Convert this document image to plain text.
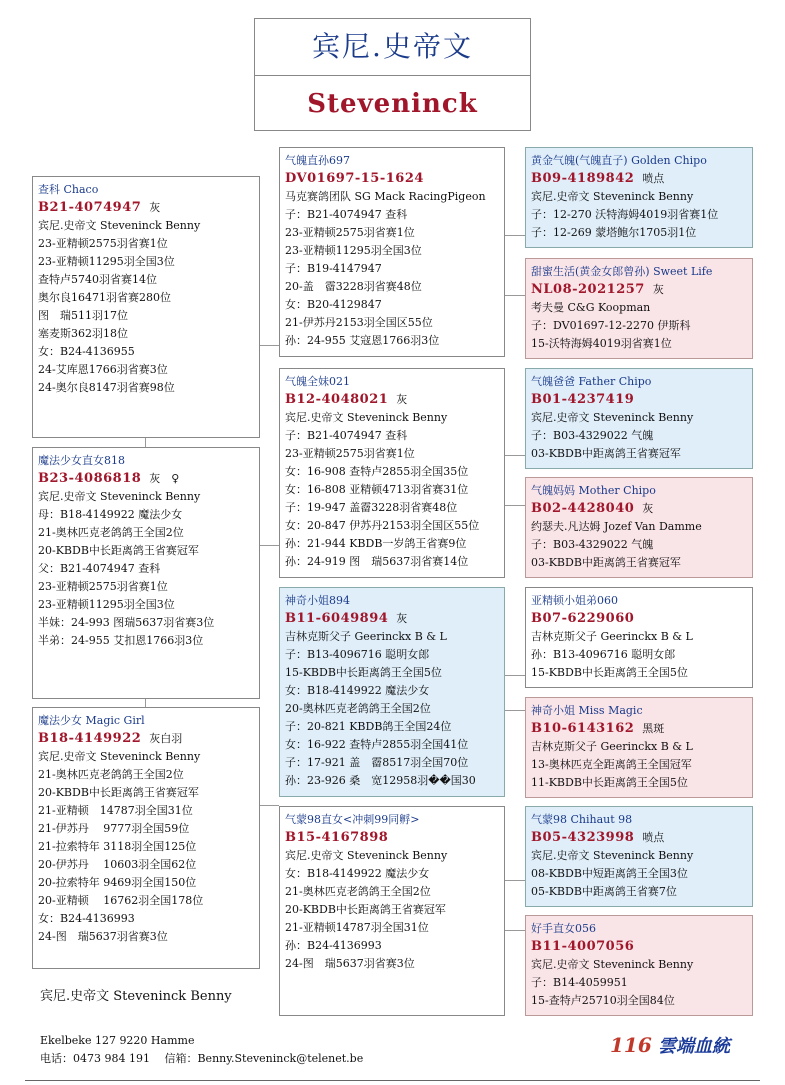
宾尼.史帝文
Steveninck
查科 Chaco
B21-4074947 灰
宾尼.史帝文 Steveninck Benny
23-亚精顿2575羽省赛1位
23-亚精顿11295羽全国3位
查特卢5740羽省赛14位
奥尔良16471羽省赛280位
图　瑞511羽17位
塞麦斯362羽18位
女：B24-4136955
24-艾库恩1766羽省赛3位
24-奥尔良8147羽省赛98位
魔法少女直女818
B23-4086818 灰　♀
宾尼.史帝文 Steveninck Benny
母：B18-4149922 魔法少女
21-奥林匹克老鸽鸽王全国2位
20-KBDB中长距离鸽王省赛冠军
父：B21-4074947 查科
23-亚精顿2575羽省赛1位
23-亚精顿11295羽全国3位
半妹：24-993 图瑞5637羽省赛3位
半弟：24-955 艾扣恩1766羽3位
魔法少女 Magic Girl
B18-4149922 灰白羽
宾尼.史帝文 Steveninck Benny
21-奥林匹克老鸽鸽王全国2位
20-KBDB中长距离鸽王省赛冠军
21-亚精顿　14787羽全国31位
21-伊苏丹　 9777羽全国59位
21-拉索特年 3118羽全国125位
20-伊苏丹　 10603羽全国62位
20-拉索特年 9469羽全国150位
20-亚精顿　 16762羽全国178位
女：B24-4136993
24-图　瑞5637羽省赛3位
气魄直孙697
DV01697-15-1624
马克赛鸽团队 SG Mack RacingPigeon
子：B21-4074947 查科
23-亚精顿2575羽省赛1位
23-亚精顿11295羽全国3位
子：B19-4147947
20-盖　霤3228羽省赛48位
女：B20-4129847
21-伊苏丹2153羽全国区55位
孙：24-955 艾寇恩1766羽3位
气魄全妹021
B12-4048021 灰
宾尼.史帝文 Steveninck Benny
子：B21-4074947 查科
23-亚精顿2575羽省赛1位
女：16-908 查特卢2855羽全国35位
女：16-808 亚精顿4713羽省赛31位
子：19-947 盖霤3228羽省赛48位
女：20-847 伊苏丹2153羽全国区55位
孙：21-944 KBDB一岁鸽王省赛9位
孙：24-919 图　瑞5637羽省赛14位
神奇小姐894
B11-6049894 灰
吉林克斯父子 Geerinckx B & L
子：B13-4096716 聪明女郎
15-KBDB中长距离鸽王全国5位
女：B18-4149922 魔法少女
20-奥林匹克老鸽鸽王全国2位
子：20-821 KBDB鸽王全国24位
女：16-922 查特卢2855羽全国41位
子：17-921 盖　霤8517羽全国70位
孙：23-926 桑　宽12958羽��国30
气蒙98直女<冲刺99同孵>
B15-4167898
宾尼.史帝文 Steveninck Benny
女：B18-4149922 魔法少女
21-奥林匹克老鸽鸽王全国2位
20-KBDB中长距离鸽王省赛冠军
21-亚精顿14787羽全国31位
孙：B24-4136993
24-图　瑞5637羽省赛3位
黄金气魄(气魄直子) Golden Chipo
B09-4189842 喷点
宾尼.史帝文 Steveninck Benny
子：12-270 沃特海姆4019羽省赛1位
子：12-269 蒙塔鲍尔1705羽1位
甜蜜生活(黄金女郎曾孙) Sweet Life
NL08-2021257 灰
考夫曼 C&G Koopman
子：DV01697-12-2270 伊斯科
15-沃特海姆4019羽省赛1位
气魄爸爸 Father Chipo
B01-4237419
宾尼.史帝文 Steveninck Benny
子：B03-4329022 气魄
03-KBDB中距离鸽王省赛冠军
气魄妈妈 Mother Chipo
B02-4428040 灰
约瑟夫.凡达姆 Jozef Van Damme
子：B03-4329022 气魄
03-KBDB中距离鸽王省赛冠军
亚精顿小姐弟060
B07-6229060
吉林克斯父子 Geerinckx B & L
孙：B13-4096716 聪明女郎
15-KBDB中长距离鸽王全国5位
神奇小姐 Miss Magic
B10-6143162 黑斑
吉林克斯父子 Geerinckx B & L
13-奥林匹克全距离鸽王全国冠军
11-KBDB中长距离鸽王全国5位
气蒙98 Chihaut 98
B05-4323998 喷点
宾尼.史帝文 Steveninck Benny
08-KBDB中短距离鸽王全国3位
05-KBDB中距离鸽王省赛7位
好手直女056
B11-4007056
宾尼.史帝文 Steveninck Benny
子：B14-4059951
15-查特卢25710羽全国84位
宾尼.史帝文 Steveninck Benny
Ekelbeke 127 9220 Hamme
电话：0473 984 191　 信箱：Benny.Steveninck@telenet.be
116 雲端血統
